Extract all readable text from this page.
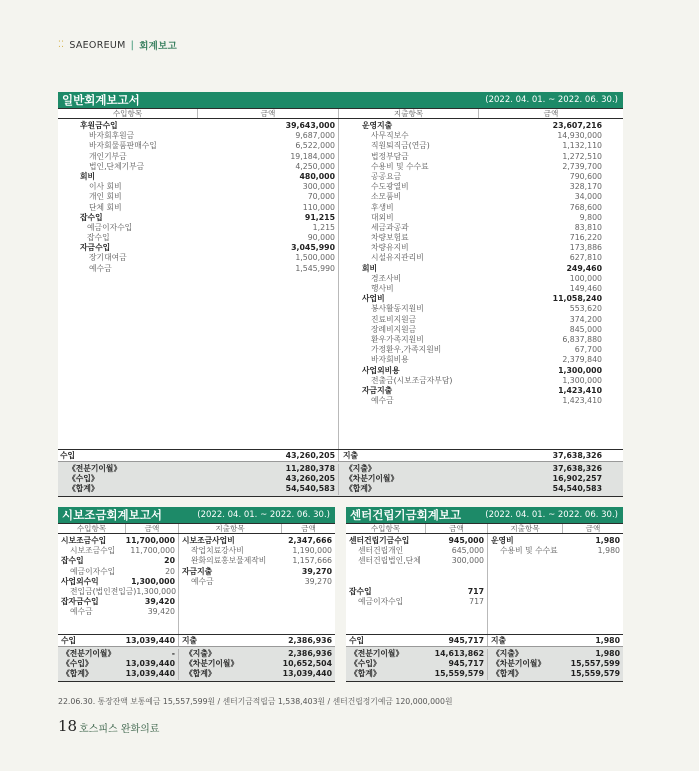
⁚⁚ SAEOREUM | 회계보고
일반회계보고서	(2022. 04. 01. ~ 2022. 06. 30.)
수입항목	금액	지출항목	금액
후원금수입	39,643,000
바자회후원금	9,687,000
바자회물품판매수입	6,522,000
개인기부금	19,184,000
법인,단체기부금	4,250,000
회비	480,000
이사 회비	300,000
개인 회비	70,000
단체 회비	110,000
잡수입	91,215
예금이자수입	1,215
잡수입	90,000
자금수입	3,045,990
장기대여금	1,500,000
예수금	1,545,990
운영지출	23,607,216
사무직보수	14,930,000
직원퇴직금(연금)	1,132,110
법정부담금	1,272,510
수용비 및 수수료	2,739,700
공공요금	790,600
수도광열비	328,170
소모품비	34,000
후생비	768,600
대외비	9,800
세금과공과	83,810
차량보험료	716,220
차량유지비	173,886
시설유지관리비	627,810
회비	249,460
경조사비	100,000
행사비	149,460
사업비	11,058,240
봉사활동지원비	553,620
진료비지원금	374,200
장례비지원금	845,000
환우가족지원비	6,837,880
가정환우,가족지원비	67,700
바자회비용	2,379,840
사업외비용	1,300,000
전출금(시보조금자부담)	1,300,000
자금지출	1,423,410
예수금	1,423,410
수입	43,260,205 지출	37,638,326
《전분기이월》	11,280,378
《수입》	43,260,205
《합계》	54,540,583
《지출》	37,638,326
《차분기이월》	16,902,257
《합계》	54,540,583
시보조금회계보고서	(2022. 04. 01. ~ 2022. 06. 30.)
수입항목	금액	지출항목	금액
시보조금수입	11,700,000
시보조금수입	11,700,000
잡수입	20
예금이자수입	20
사업외수익	1,300,000
전입금(법인전입금) 1,300,000
잡자금수입	39,420
예수금	39,420
시보조금사업비	2,347,666
작업치료강사비	1,190,000
완화의료홍보물제작비	1,157,666
자금지출	39,270
예수금	39,270
수입	13,039,440 지출	2,386,936
《전분기이월》	-
《수입》	13,039,440
《합계》	13,039,440
《지출》	2,386,936
《차분기이월》	10,652,504
《합계》	13,039,440
센터건립기금회계보고	(2022. 04. 01. ~ 2022. 06. 30.)
수입항목	금액	지출항목	금액
센터건립기금수입	945,000
센터건립개인	645,000
센터건립법인,단체	300,000
잡수입	717
예금이자수입	717
운영비	1,980
수용비 및 수수료	1,980
수입	945,717 지출	1,980
《전분기이월》	14,613,862
《수입》	945,717
《합계》	15,559,579
《지출》	1,980
《차분기이월》	15,557,599
《합계》	15,559,579
22.06.30. 통장잔액 보통예금 15,557,599원 / 센터기금적립금 1,538,403원 / 센터건립정기예금 120,000,000원
18 호스피스 완화의료
